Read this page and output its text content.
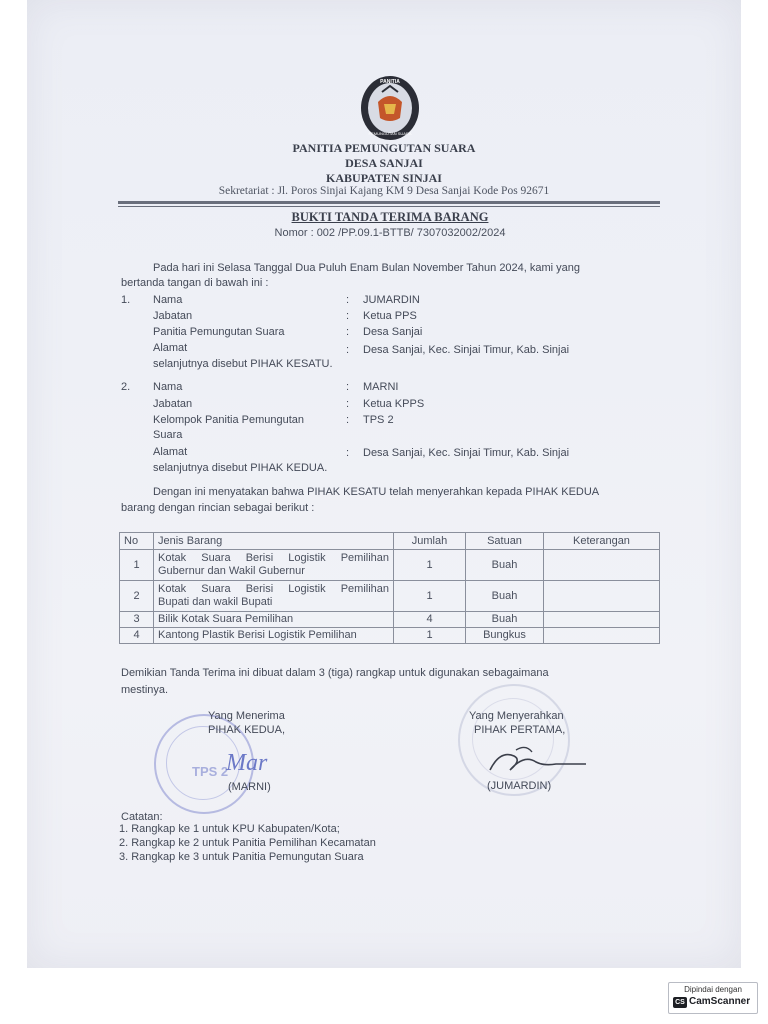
PANITIA
PEMUNGUTAN SUARA
PANITIA PEMUNGUTAN SUARA
DESA SANJAI
KABUPATEN SINJAI
Sekretariat : Jl. Poros Sinjai Kajang KM 9 Desa Sanjai Kode Pos 92671
BUKTI TANDA TERIMA BARANG
Nomor : 002 /PP.09.1-BTTB/ 7307032002/2024
Pada hari ini Selasa Tanggal Dua Puluh Enam Bulan November Tahun 2024, kami yang
bertanda tangan di bawah ini :
1. Nama	: JUMARDIN
Jabatan	: Ketua PPS
Panitia Pemungutan Suara	: Desa Sanjai
Alamat	: Desa Sanjai, Kec. Sinjai Timur, Kab. Sinjai
selanjutnya disebut PIHAK KESATU.
2. Nama	: MARNI
Jabatan	: Ketua KPPS
Kelompok Panitia Pemungutan
Suara
: TPS 2
Alamat	: Desa Sanjai, Kec. Sinjai Timur, Kab. Sinjai
selanjutnya disebut PIHAK KEDUA.
Dengan ini menyatakan bahwa PIHAK KESATU telah menyerahkan kepada PIHAK KEDUA
barang dengan rincian sebagai berikut :
No	Jenis Barang	Jumlah	Satuan	Keterangan
1	Kotak Suara Berisi Logistik Pemilihan
Gubernur dan Wakil Gubernur	1	Buah	
2	Kotak Suara Berisi Logistik Pemilihan
Bupati dan wakil Bupati	1	Buah	
3	Bilik Kotak Suara Pemilihan	4	Buah	
4	Kantong Plastik Berisi Logistik Pemilihan	1	Bungkus	
Demikian Tanda Terima ini dibuat dalam 3 (tiga) rangkap untuk digunakan sebagaimana
mestinya.
TPS 2
Yang Menerima
PIHAK KEDUA,
Mar
(MARNI)
Yang Menyerahkan
PIHAK PERTAMA,
(JUMARDIN)
Catatan:
1. Rangkap ke 1 untuk KPU Kabupaten/Kota;
2. Rangkap ke 2 untuk Panitia Pemilihan Kecamatan
3. Rangkap ke 3 untuk Panitia Pemungutan Suara
Dipindai dengan
CS CamScanner
